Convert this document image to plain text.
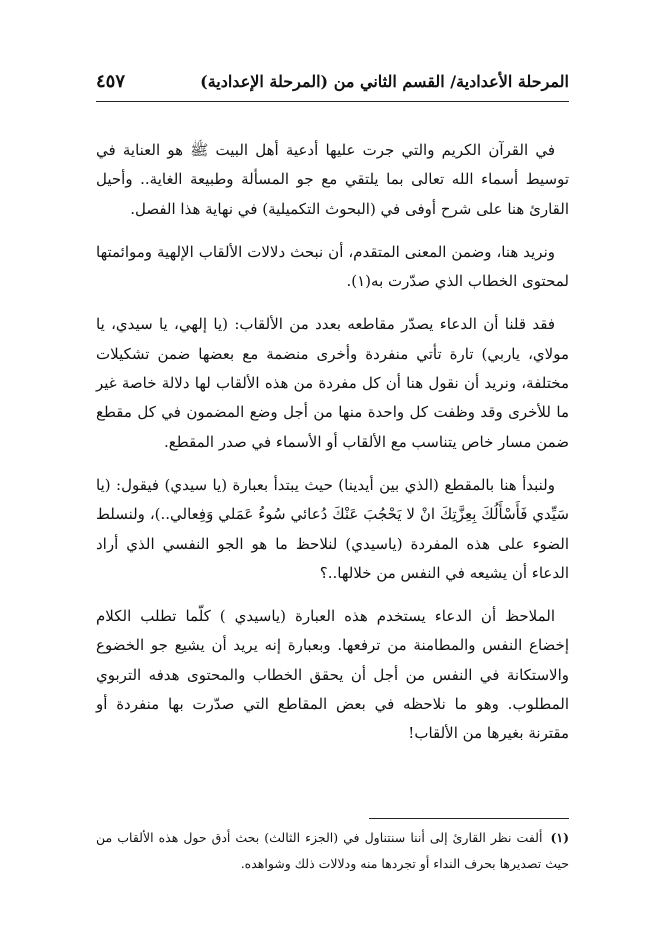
المرحلة الأعدادية/ القسم الثاني من (المرحلة الإعدادية)
٤٥٧

في القرآن الكريم والتي جرت عليها أدعية أهل البيت ﷺ هو العناية في توسيط أسماء الله تعالى بما يلتقي مع جو المسألة وطبيعة الغاية.. وأحيل القارئ هنا على شرح أوفى في (البحوث التكميلية) في نهاية هذا الفصل.

ونريد هنا، وضمن المعنى المتقدم، أن نبحث دلالات الألقاب الإلهية وموائمتها لمحتوى الخطاب الذي صدّرت به(١).

فقد قلنا أن الدعاء يصدّر مقاطعه بعدد من الألقاب: (يا إلهي، يا سيدي، يا مولاي، ياربي) تارة تأتي منفردة وأخرى منضمة مع بعضها ضمن تشكيلات مختلفة، ونريد أن نقول هنا أن كل مفردة من هذه الألقاب لها دلالة خاصة غير ما للأخرى وقد وظفت كل واحدة منها من أجل وضع المضمون في كل مقطع ضمن مسار خاص يتناسب مع الألقاب أو الأسماء في صدر المقطع.

ولنبدأ هنا بالمقطع (الذي بين أيدينا) حيث يبتدأ بعبارة (يا سيدي) فيقول: (يا سَيِّدي فَأَسْأَلُكَ بِعِزَّتِكَ انْ لا يَحْجُبَ عَنْكَ دُعائي سُوءُ عَمَلي وَفِعالي..)، ولنسلط الضوء على هذه المفردة (ياسيدي) لنلاحظ ما هو الجو النفسي الذي أراد الدعاء أن يشيعه في النفس من خلالها..؟

الملاحظ أن الدعاء يستخدم هذه العبارة (ياسيدي ) كلّما تطلب الكلام إخضاع النفس والمطامنة من ترفعها. وبعبارة إنه يريد أن يشيع جو الخضوع والاستكانة في النفس من أجل أن يحقق الخطاب والمحتوى هدفه التربوي المطلوب. وهو ما نلاحظه في بعض المقاطع التي صدّرت بها منفردة أو مقترنة بغيرها من الألقاب!

(١)ألفت نظر القارئ إلى أننا سنتناول في (الجزء الثالث) بحث أدق حول هذه الألقاب من حيث تصديرها بحرف النداء أو تجردها منه ودلالات ذلك وشواهده.
